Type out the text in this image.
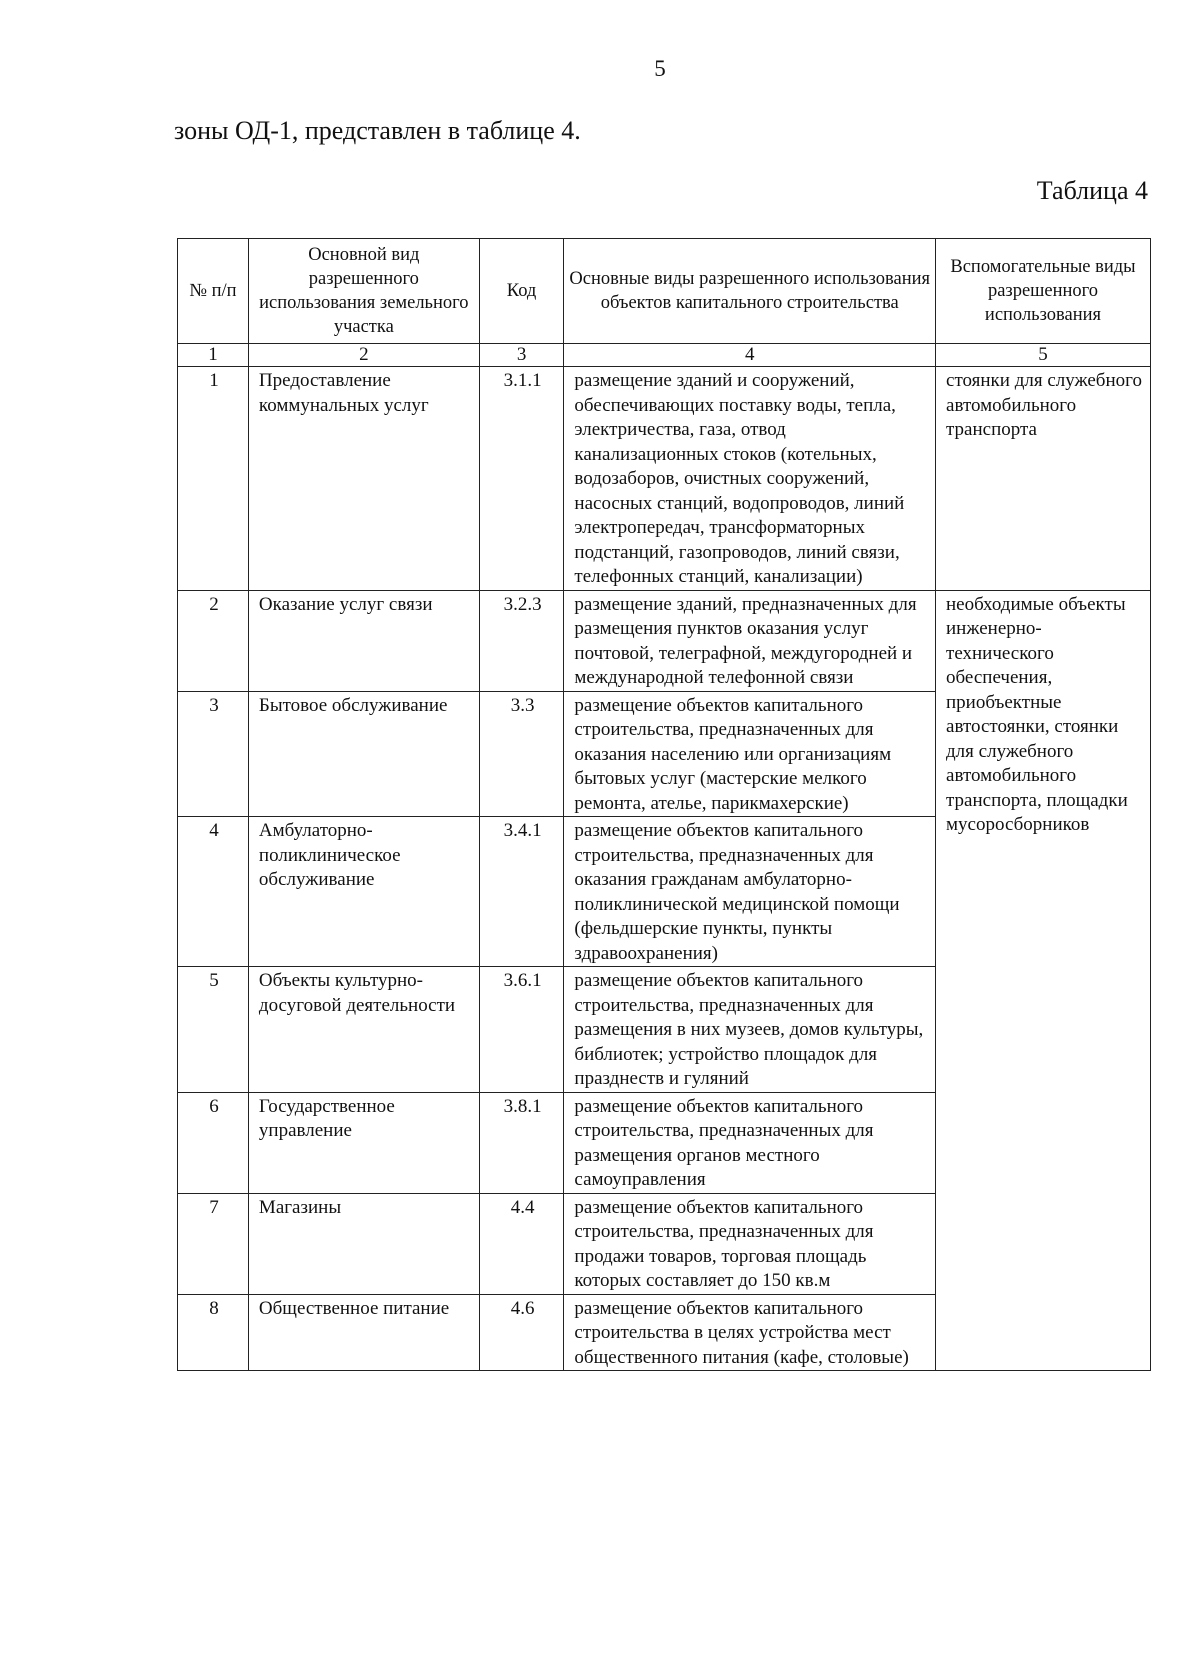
5
зоны ОД-1, представлен в таблице 4.
Таблица 4
№ п/п	Основной вид разрешенного использования земельного участка	Код	Основные виды разрешенного использования объектов капитального строительства	Вспомогательные виды разрешенного использования
1	2	3	4	5
1	Предоставление коммунальных услуг	3.1.1	размещение зданий и сооружений, обеспечивающих поставку воды, тепла, электричества, газа, отвод канализационных стоков (котельных, водозаборов, очистных сооружений, насосных станций, водопроводов, линий электропередач, трансформаторных подстанций, газопроводов, линий связи, телефонных станций, канализации)	стоянки для служебного автомобильного транспорта
2	Оказание услуг связи	3.2.3	размещение зданий, предназначенных для размещения пунктов оказания услуг почтовой, телеграфной, междугородней и международной телефонной связи	необходимые объекты инженерно-технического обеспечения, приобъектные автостоянки, стоянки для служебного автомобильного транспорта, площадки мусоросборников
3	Бытовое обслуживание	3.3	размещение объектов капитального строительства, предназначенных для оказания населению или организациям бытовых услуг (мастерские мелкого ремонта, ателье, парикмахерские)	
4	Амбулаторно-поликлиническое обслуживание	3.4.1	размещение объектов капитального строительства, предназначенных для оказания гражданам амбулаторно-поликлинической медицинской помощи (фельдшерские пункты, пункты здравоохранения)	
5	Объекты культурно-досуговой деятельности	3.6.1	размещение объектов капитального строительства, предназначенных для размещения в них музеев, домов культуры, библиотек; устройство площадок для празднеств и гуляний	
6	Государственное управление	3.8.1	размещение объектов капитального строительства, предназначенных для размещения органов местного самоуправления	
7	Магазины	4.4	размещение объектов капитального строительства, предназначенных для продажи товаров, торговая площадь которых составляет до 150 кв.м	
8	Общественное питание	4.6	размещение объектов капитального строительства в целях устройства мест общественного питания (кафе, столовые)	
